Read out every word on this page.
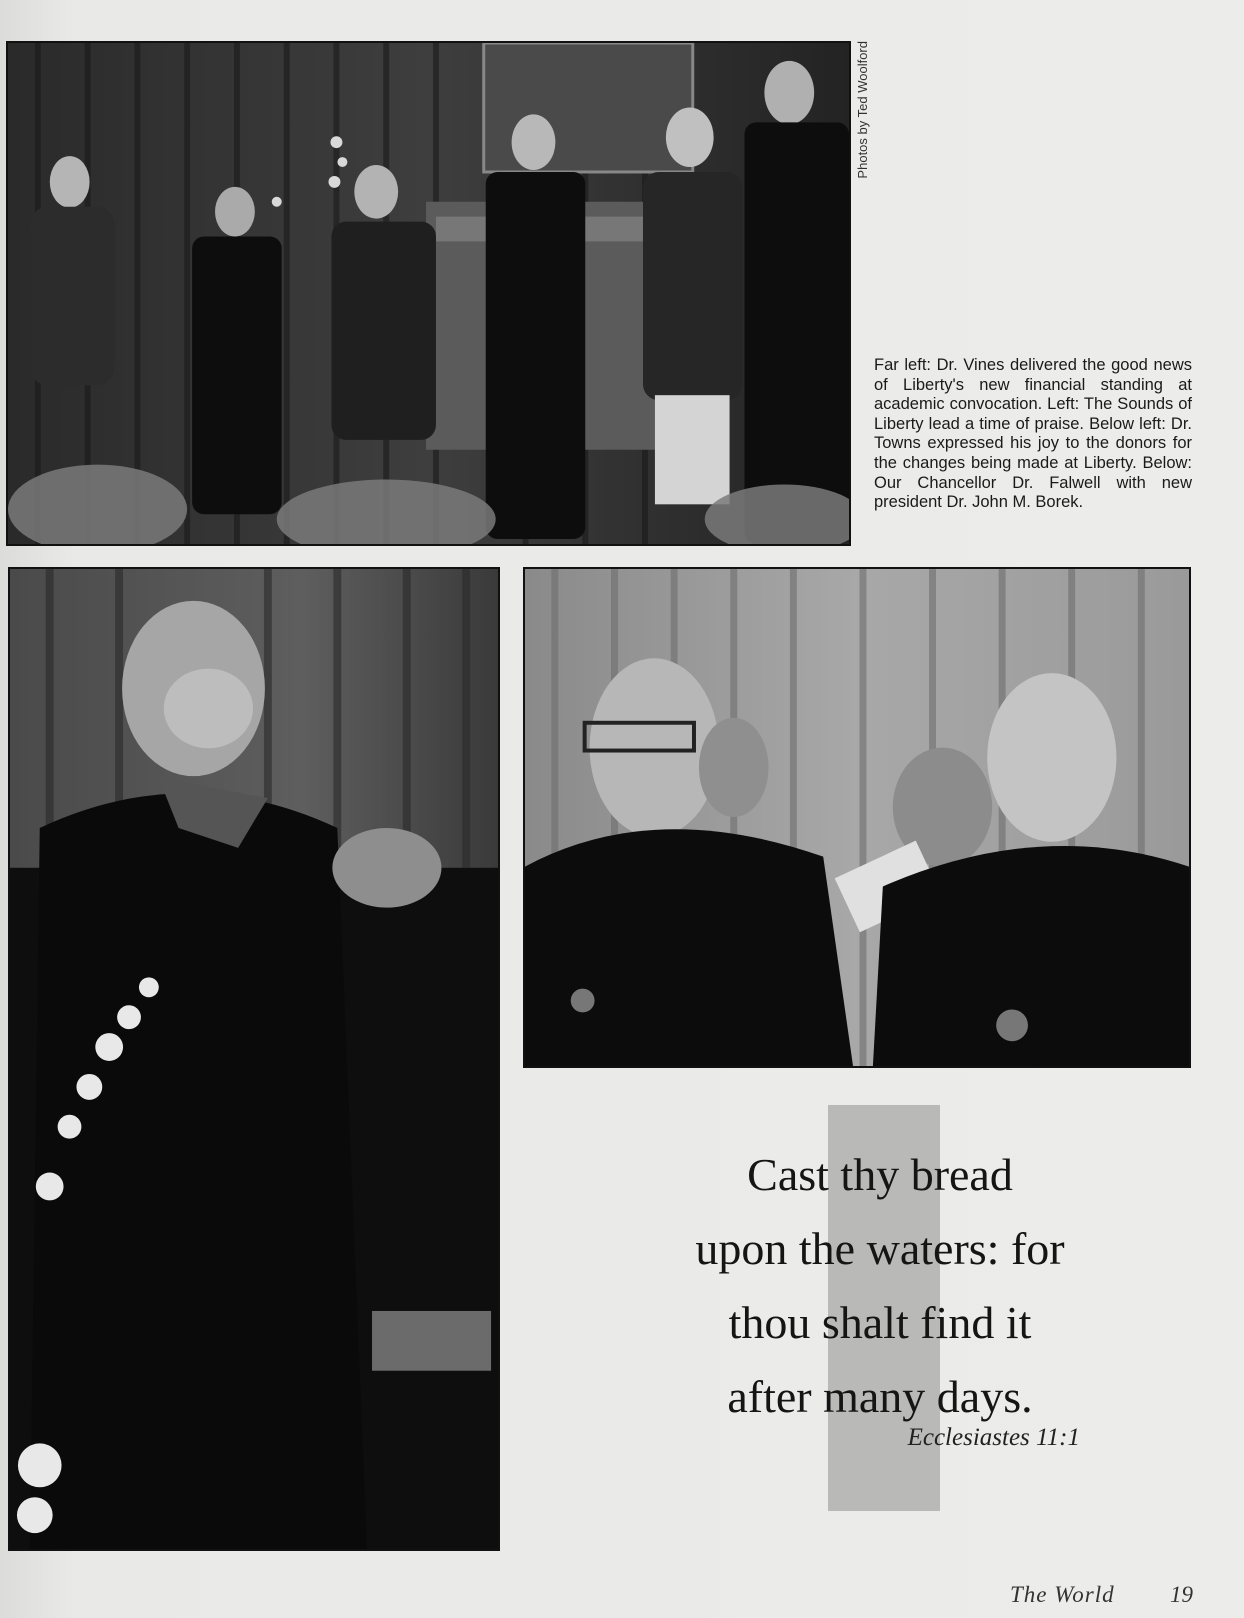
Photos by Ted Woolford
Far left: Dr. Vines delivered the good news of Liberty's new financial standing at academic convocation. Left: The Sounds of Liberty lead a time of praise. Below left: Dr. Towns expressed his joy to the donors for the changes being made at Liberty. Below: Our Chancellor Dr. Falwell with new president Dr. John M. Borek.
Cast thy bread
upon the waters: for
thou shalt find it
after many days.
Ecclesiastes 11:1
The World 19
